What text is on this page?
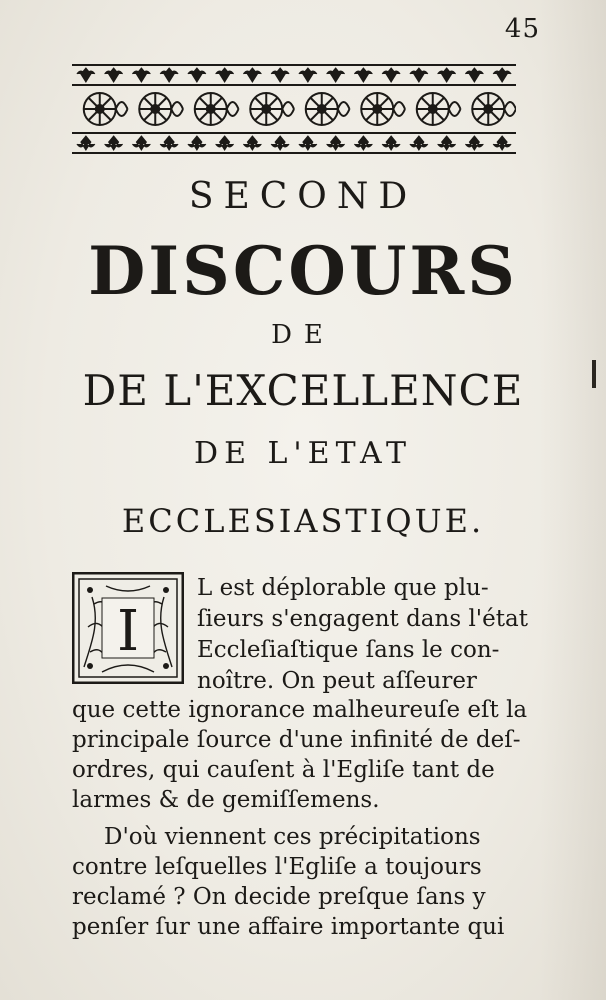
45
SECOND
DISCOURS
DE
DE L'EXCELLENCE
DE L'ETAT
ECCLESIASTIQUE.
I
L est déplorable que plu-
ſieurs s'engagent dans l'état
Eccleſiaſtique ſans le con-
noître. On peut aſſeurer
que cette ignorance malheureuſe eſt la
principale ſource d'une infinité de deſ-
ordres, qui cauſent à l'Egliſe tant de
larmes & de gemiſſemens.
D'où viennent ces précipitations
contre leſquelles l'Egliſe a toujours
reclamé ? On decide preſque ſans y
penſer ſur une affaire importante qui
